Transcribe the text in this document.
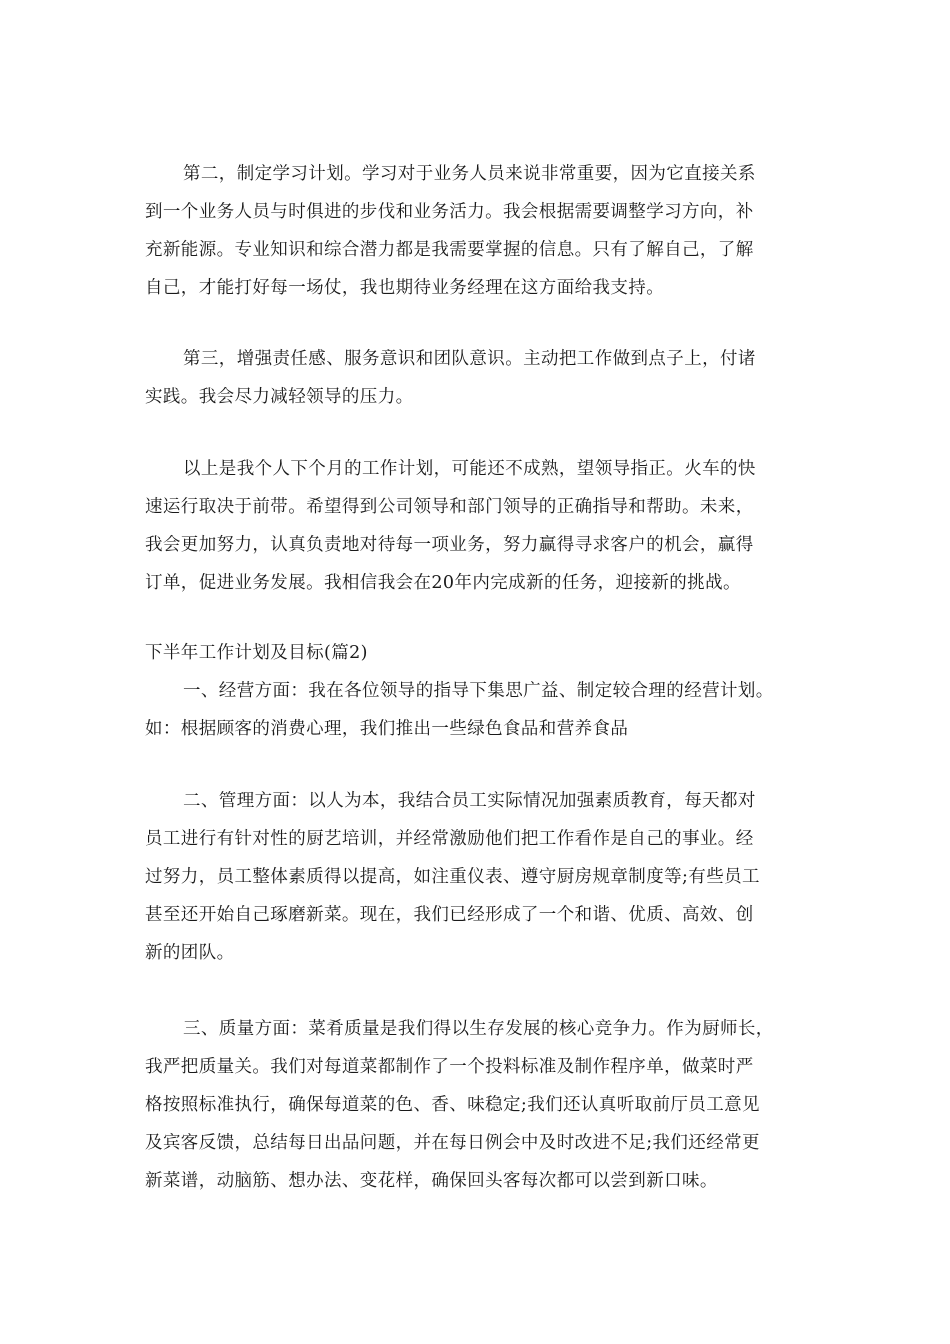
第二，制定学习计划。学习对于业务人员来说非常重要，因为它直接关系
到一个业务人员与时俱进的步伐和业务活力。我会根据需要调整学习方向，补
充新能源。专业知识和综合潜力都是我需要掌握的信息。只有了解自己，了解
自己，才能打好每一场仗，我也期待业务经理在这方面给我支持。
第三，增强责任感、服务意识和团队意识。主动把工作做到点子上，付诸
实践。我会尽力减轻领导的压力。
以上是我个人下个月的工作计划，可能还不成熟，望领导指正。火车的快
速运行取决于前带。希望得到公司领导和部门领导的正确指导和帮助。未来，
我会更加努力，认真负责地对待每一项业务，努力赢得寻求客户的机会，赢得
订单，促进业务发展。我相信我会在20年内完成新的任务，迎接新的挑战。
下半年工作计划及目标(篇2)
一、经营方面：我在各位领导的指导下集思广益、制定较合理的经营计划。
如：根据顾客的消费心理，我们推出一些绿色食品和营养食品
二、管理方面：以人为本，我结合员工实际情况加强素质教育，每天都对
员工进行有针对性的厨艺培训，并经常激励他们把工作看作是自己的事业。经
过努力，员工整体素质得以提高，如注重仪表、遵守厨房规章制度等;有些员工
甚至还开始自己琢磨新菜。现在，我们已经形成了一个和谐、优质、高效、创
新的团队。
三、质量方面：菜肴质量是我们得以生存发展的核心竞争力。作为厨师长，
我严把质量关。我们对每道菜都制作了一个投料标准及制作程序单，做菜时严
格按照标准执行，确保每道菜的色、香、味稳定;我们还认真听取前厅员工意见
及宾客反馈，总结每日出品问题，并在每日例会中及时改进不足;我们还经常更
新菜谱，动脑筋、想办法、变花样，确保回头客每次都可以尝到新口味。
